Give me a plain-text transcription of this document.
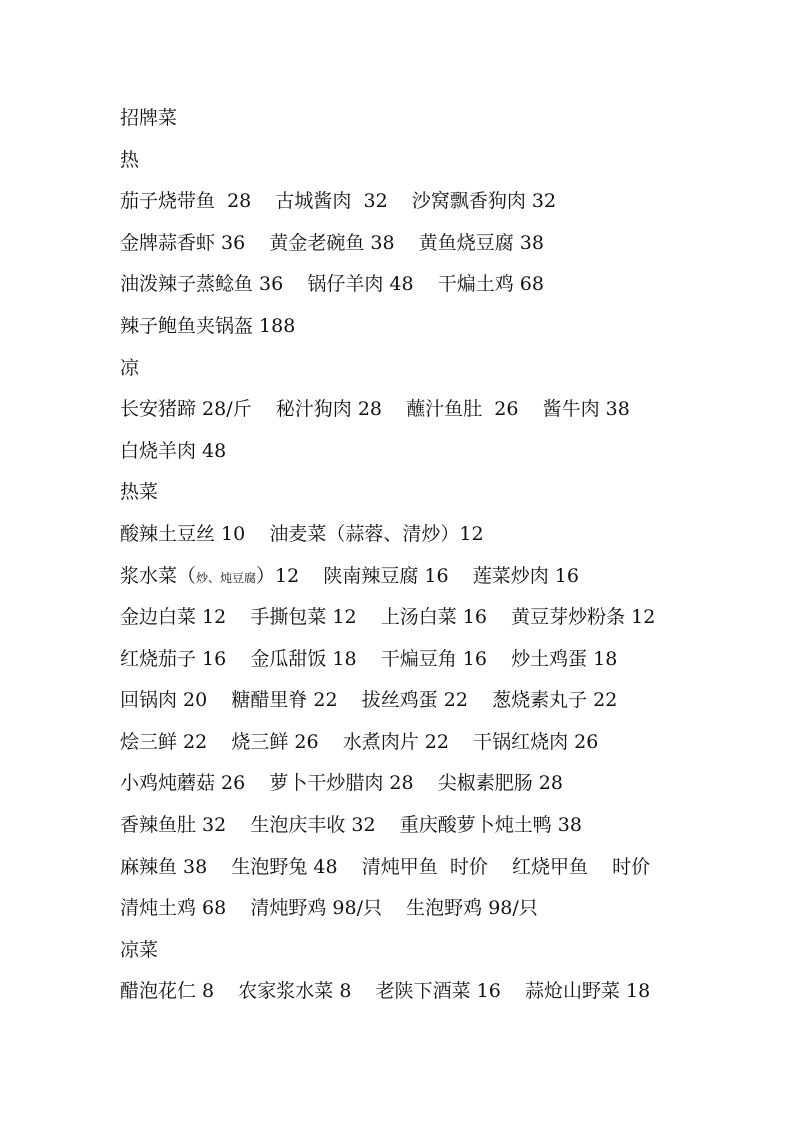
招牌菜
热
茄子烧带鱼  28    古城酱肉  32    沙窝飘香狗肉 32
金牌蒜香虾 36    黄金老碗鱼 38    黄鱼烧豆腐 38
油泼辣子蒸鲶鱼 36    锅仔羊肉 48    干煸土鸡 68
辣子鲍鱼夹锅盔 188
凉
长安猪蹄 28/斤    秘汁狗肉 28    蘸汁鱼肚  26    酱牛肉 38
白烧羊肉 48
热菜
酸辣土豆丝 10    油麦菜（蒜蓉、清炒）12
浆水菜（炒、炖豆腐）12    陕南辣豆腐 16    莲菜炒肉 16
金边白菜 12    手撕包菜 12    上汤白菜 16    黄豆芽炒粉条 12
红烧茄子 16    金瓜甜饭 18    干煸豆角 16    炒土鸡蛋 18
回锅肉 20    糖醋里脊 22    拔丝鸡蛋 22    葱烧素丸子 22
烩三鲜 22    烧三鲜 26    水煮肉片 22    干锅红烧肉 26
小鸡炖蘑菇 26    萝卜干炒腊肉 28    尖椒素肥肠 28
香辣鱼肚 32    生泡庆丰收 32    重庆酸萝卜炖土鸭 38
麻辣鱼 38    生泡野兔 48    清炖甲鱼  时价    红烧甲鱼    时价
清炖土鸡 68    清炖野鸡 98/只    生泡野鸡 98/只
凉菜
醋泡花仁 8    农家浆水菜 8    老陕下酒菜 16    蒜炝山野菜 18
